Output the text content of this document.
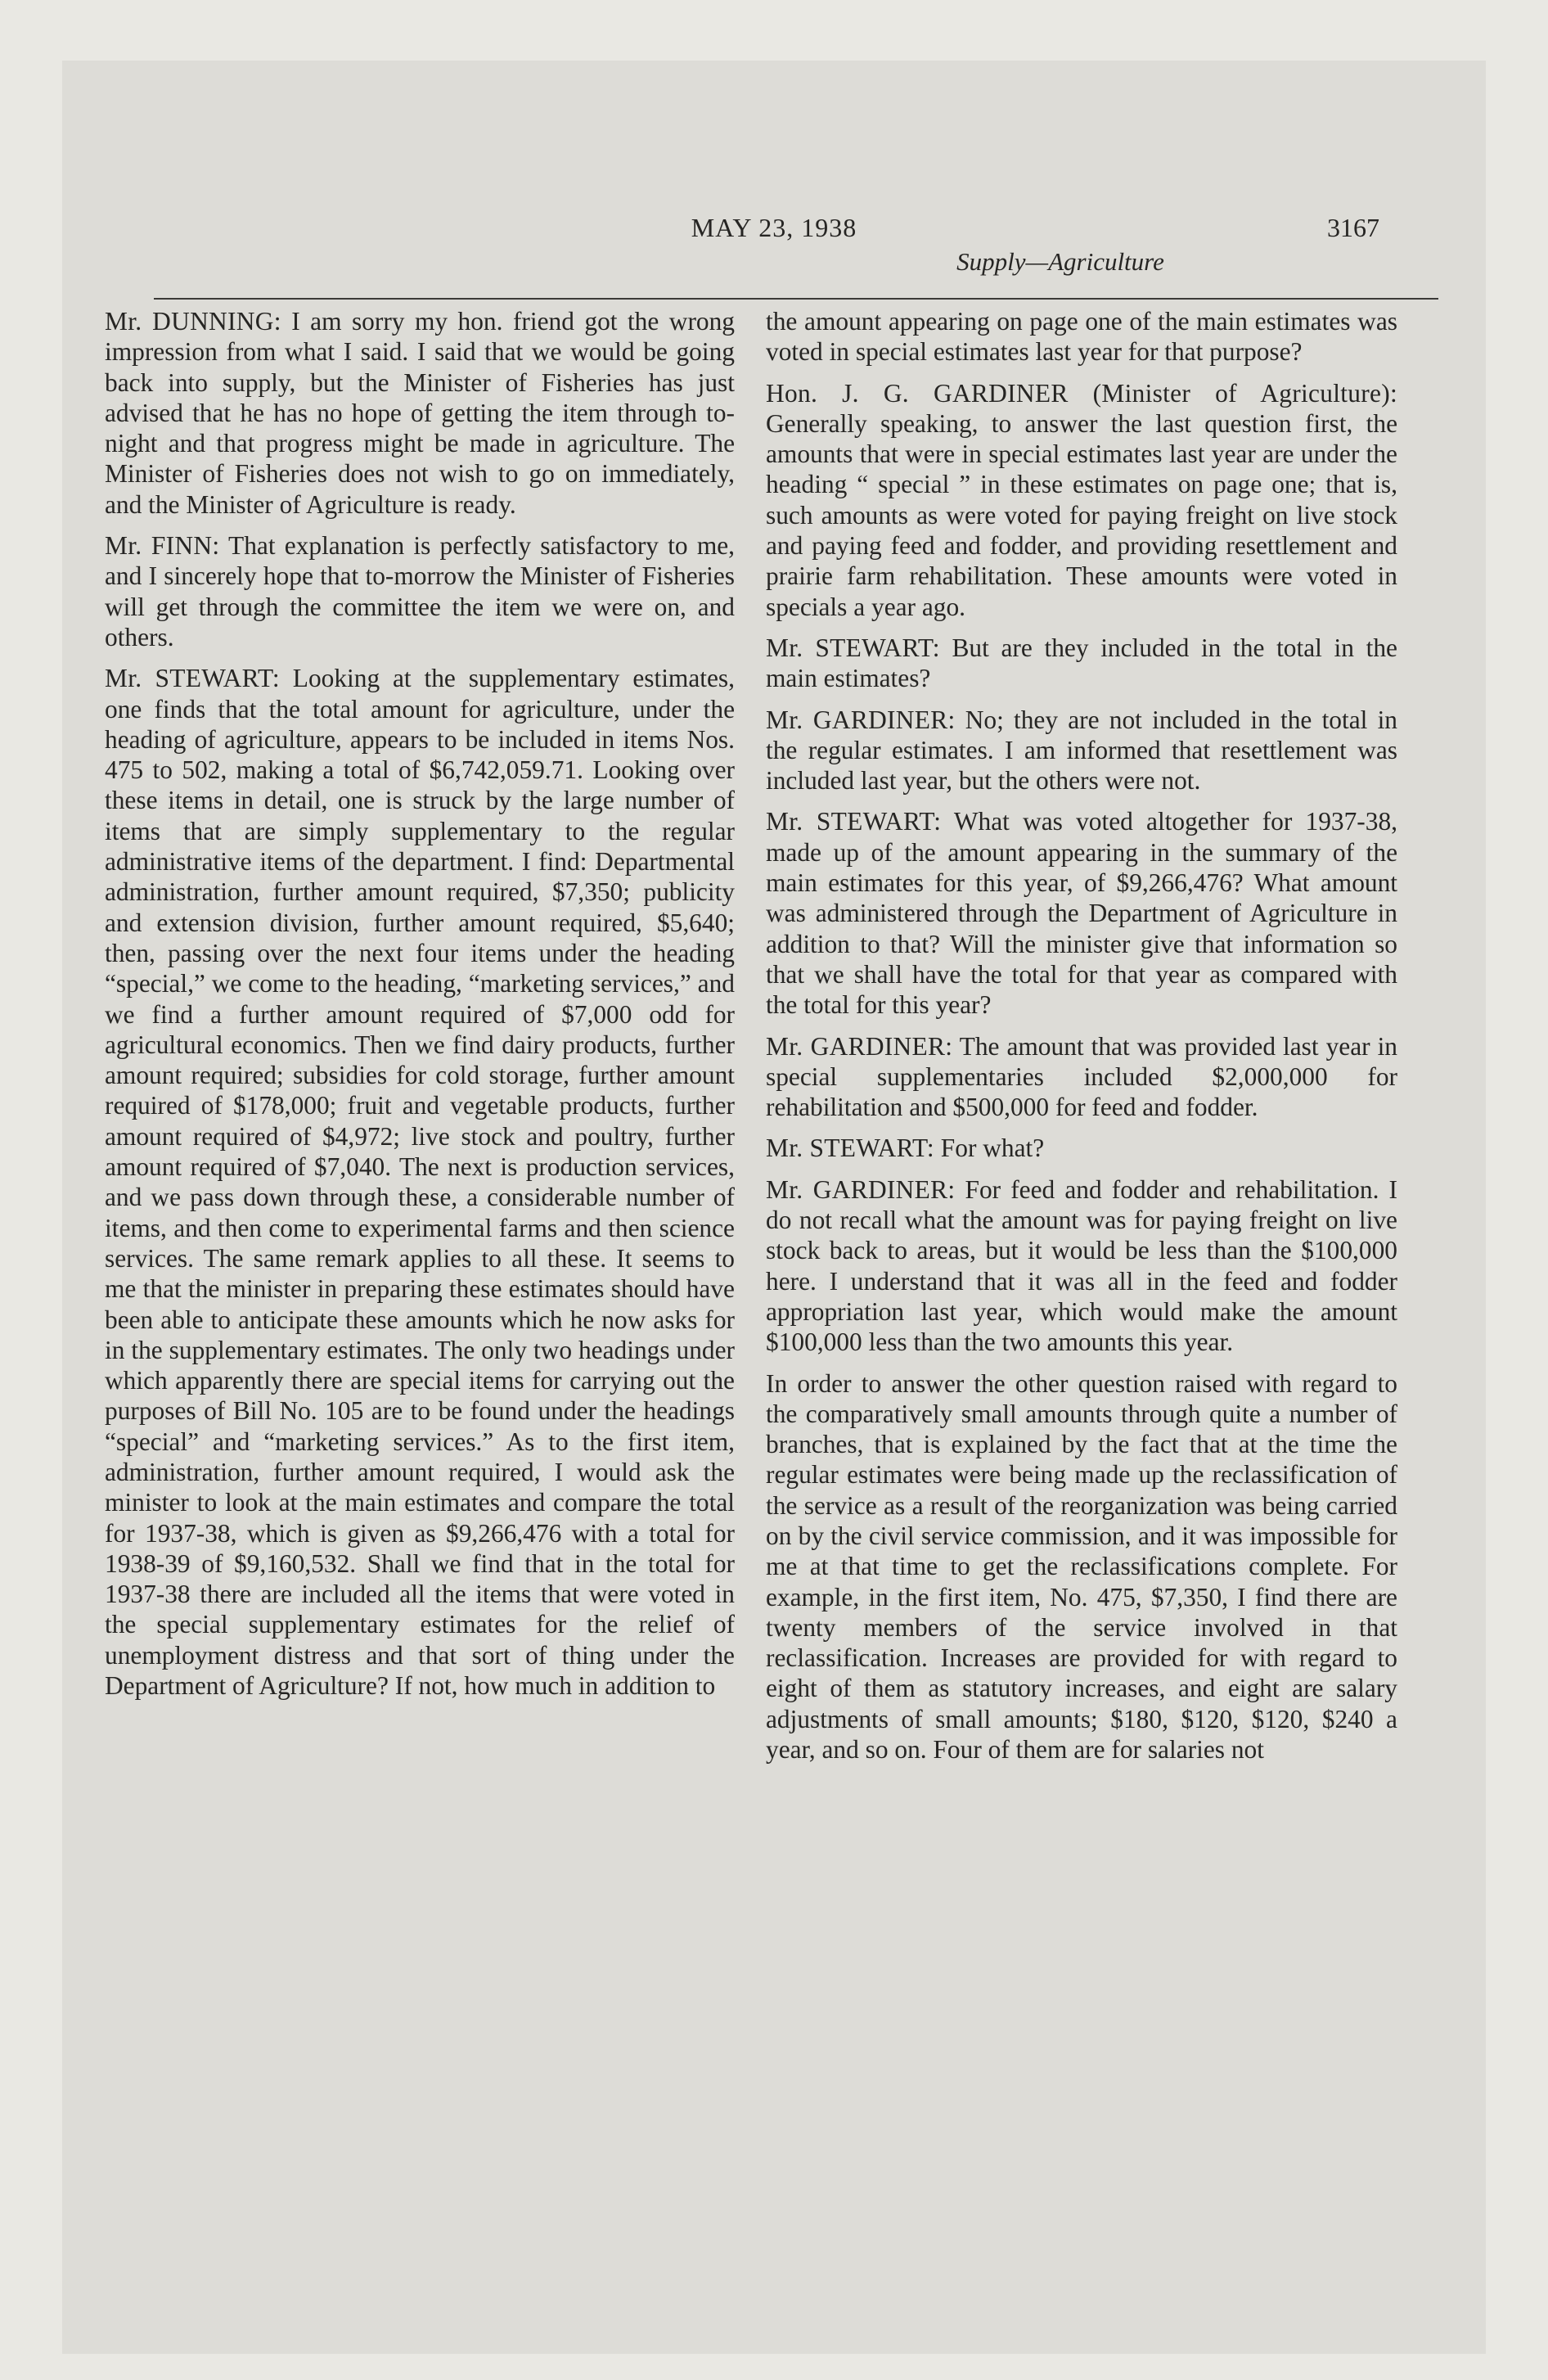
MAY 23, 1938	3167
Supply—Agriculture

Mr. DUNNING: I am sorry my hon. friend got the wrong impression from what I said. I said that we would be going back into supply, but the Minister of Fisheries has just advised that he has no hope of getting the item through to-night and that progress might be made in agriculture. The Minister of Fisheries does not wish to go on immediately, and the Minister of Agriculture is ready.

Mr. FINN: That explanation is perfectly satisfactory to me, and I sincerely hope that to-morrow the Minister of Fisheries will get through the committee the item we were on, and others.

Mr. STEWART: Looking at the supplementary estimates, one finds that the total amount for agriculture, under the heading of agriculture, appears to be included in items Nos. 475 to 502, making a total of $6,742,059.71. Looking over these items in detail, one is struck by the large number of items that are simply supplementary to the regular administrative items of the department. I find: Departmental administration, further amount required, $7,350; publicity and extension division, further amount required, $5,640; then, passing over the next four items under the heading “special,” we come to the heading, “marketing services,” and we find a further amount required of $7,000 odd for agricultural economics. Then we find dairy products, further amount required; subsidies for cold storage, further amount required of $178,000; fruit and vegetable products, further amount required of $4,972; live stock and poultry, further amount required of $7,040. The next is production services, and we pass down through these, a considerable number of items, and then come to experimental farms and then science services. The same remark applies to all these. It seems to me that the minister in preparing these estimates should have been able to anticipate these amounts which he now asks for in the supplementary estimates. The only two headings under which apparently there are special items for carrying out the purposes of Bill No. 105 are to be found under the headings “special” and “marketing services.” As to the first item, administration, further amount required, I would ask the minister to look at the main estimates and compare the total for 1937-38, which is given as $9,266,476 with a total for 1938-39 of $9,160,532. Shall we find that in the total for 1937-38 there are included all the items that were voted in the special supplementary estimates for the relief of unemployment distress and that sort of thing under the Department of Agriculture? If not, how much in addition to

the amount appearing on page one of the main estimates was voted in special estimates last year for that purpose?

Hon. J. G. GARDINER (Minister of Agriculture): Generally speaking, to answer the last question first, the amounts that were in special estimates last year are under the heading “ special ” in these estimates on page one; that is, such amounts as were voted for paying freight on live stock and paying feed and fodder, and providing resettlement and prairie farm rehabilitation. These amounts were voted in specials a year ago.

Mr. STEWART: But are they included in the total in the main estimates?

Mr. GARDINER: No; they are not included in the total in the regular estimates. I am informed that resettlement was included last year, but the others were not.

Mr. STEWART: What was voted altogether for 1937-38, made up of the amount appearing in the summary of the main estimates for this year, of $9,266,476? What amount was administered through the Department of Agriculture in addition to that? Will the minister give that information so that we shall have the total for that year as compared with the total for this year?

Mr. GARDINER: The amount that was provided last year in special supplementaries included $2,000,000 for rehabilitation and $500,000 for feed and fodder.

Mr. STEWART: For what?

Mr. GARDINER: For feed and fodder and rehabilitation. I do not recall what the amount was for paying freight on live stock back to areas, but it would be less than the $100,000 here. I understand that it was all in the feed and fodder appropriation last year, which would make the amount $100,000 less than the two amounts this year.

In order to answer the other question raised with regard to the comparatively small amounts through quite a number of branches, that is explained by the fact that at the time the regular estimates were being made up the reclassification of the service as a result of the reorganization was being carried on by the civil service commission, and it was impossible for me at that time to get the reclassifications complete. For example, in the first item, No. 475, $7,350, I find there are twenty members of the service involved in that reclassification. Increases are provided for with regard to eight of them as statutory increases, and eight are salary adjustments of small amounts; $180, $120, $120, $240 a year, and so on. Four of them are for salaries not
